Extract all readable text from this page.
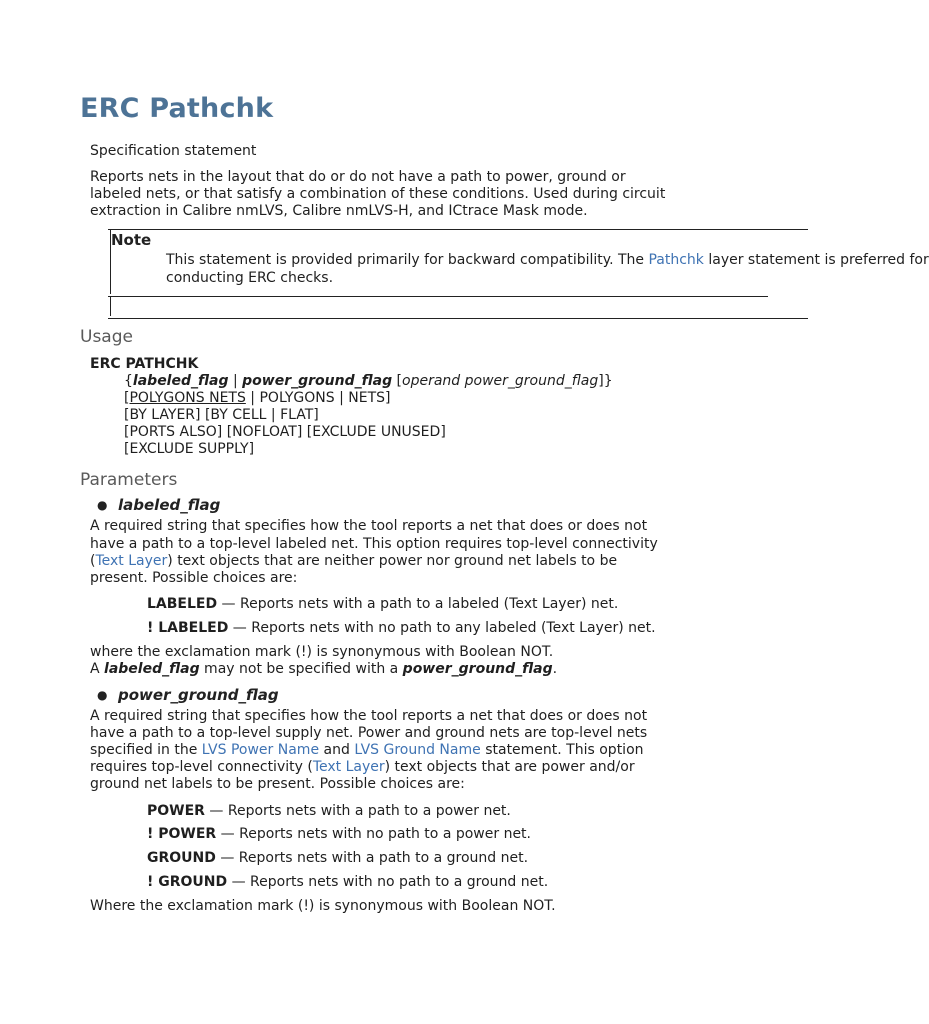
ERC Pathchk
Specification statement
Reports nets in the layout that do or do not have a path to power, ground or
labeled nets, or that satisfy a combination of these conditions. Used during circuit
extraction in Calibre nmLVS, Calibre nmLVS-H, and ICtrace Mask mode.
Note
This statement is provided primarily for backward compatibility. The Pathchk layer statement is preferred for
conducting ERC checks.
Usage
ERC PATHCHK
{labeled_flag | power_ground_flag [operand power_ground_flag]}
[POLYGONS NETS | POLYGONS | NETS]
[BY LAYER] [BY CELL | FLAT]
[PORTS ALSO] [NOFLOAT] [EXCLUDE UNUSED]
[EXCLUDE SUPPLY]
Parameters
● labeled_flag
A required string that specifies how the tool reports a net that does or does not
have a path to a top-level labeled net. This option requires top-level connectivity
(Text Layer) text objects that are neither power nor ground net labels to be
present. Possible choices are:
LABELED — Reports nets with a path to a labeled (Text Layer) net.
! LABELED — Reports nets with no path to any labeled (Text Layer) net.
where the exclamation mark (!) is synonymous with Boolean NOT.
A labeled_flag may not be specified with a power_ground_flag.
● power_ground_flag
A required string that specifies how the tool reports a net that does or does not
have a path to a top-level supply net. Power and ground nets are top-level nets
specified in the LVS Power Name and LVS Ground Name statement. This option
requires top-level connectivity (Text Layer) text objects that are power and/or
ground net labels to be present. Possible choices are:
POWER — Reports nets with a path to a power net.
! POWER — Reports nets with no path to a power net.
GROUND — Reports nets with a path to a ground net.
! GROUND — Reports nets with no path to a ground net.
Where the exclamation mark (!) is synonymous with Boolean NOT.
